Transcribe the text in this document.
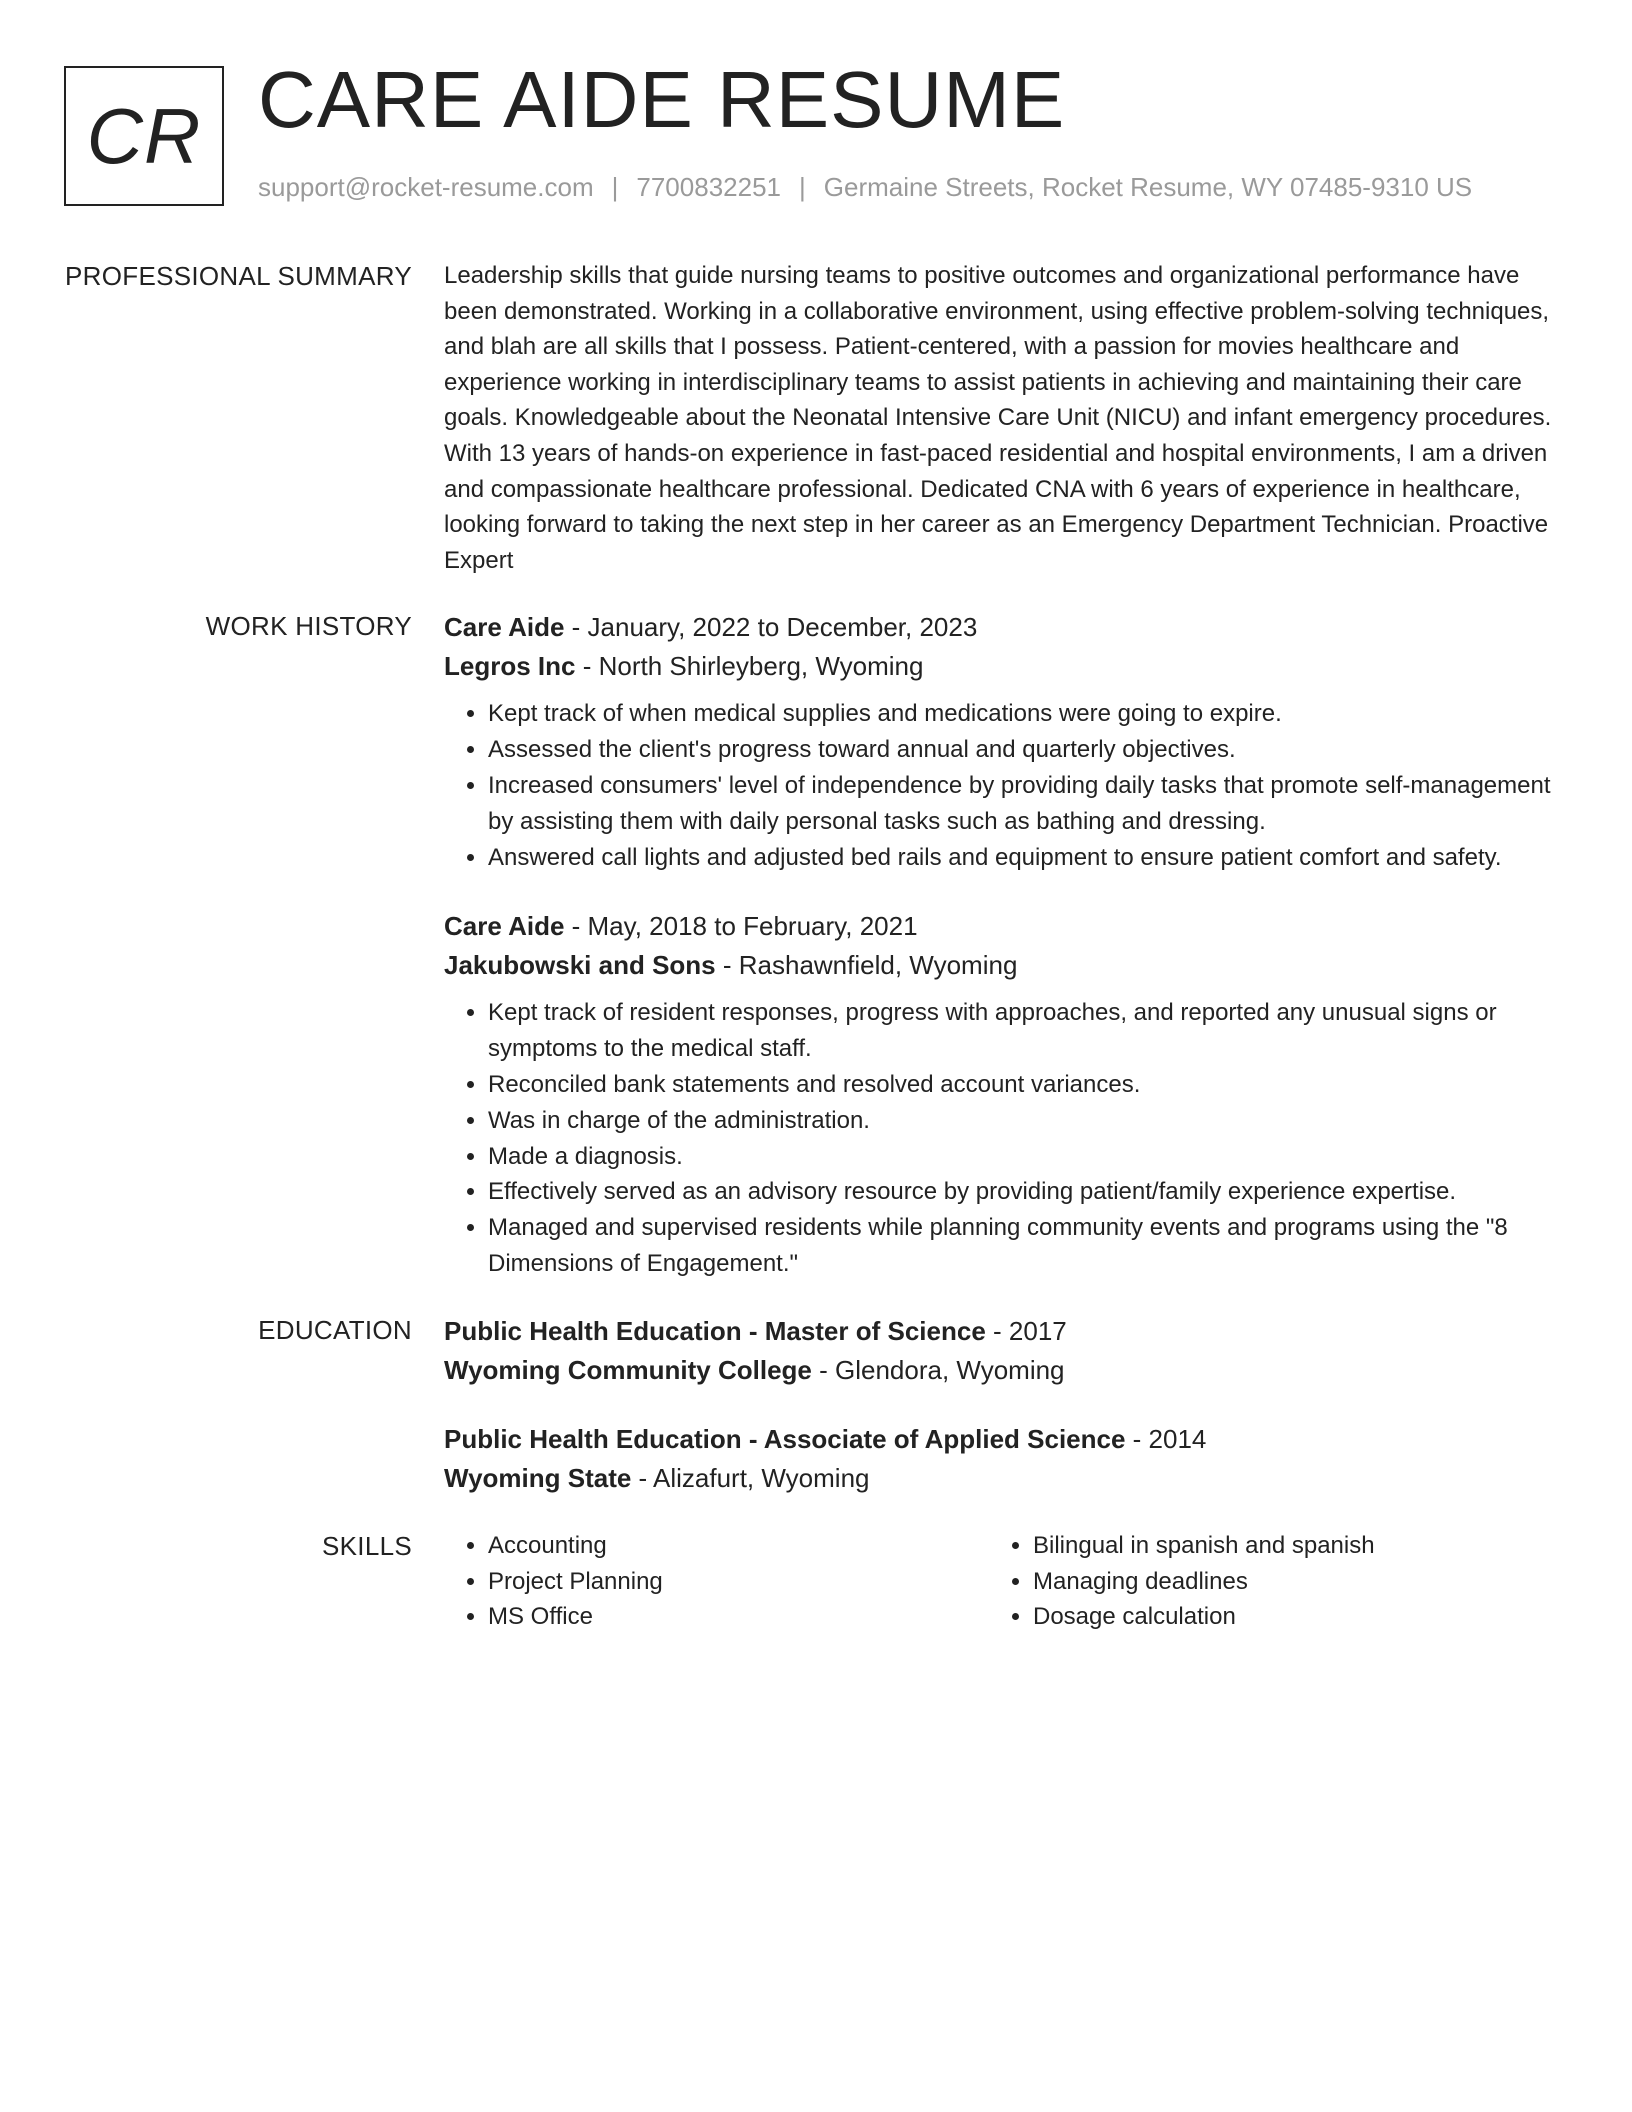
CR CARE AIDE RESUME
support@rocket-resume.com | 7700832251 | Germaine Streets, Rocket Resume, WY 07485-9310 US
PROFESSIONAL SUMMARY Leadership skills that guide nursing teams to positive outcomes and organizational performance have been demonstrated. Working in a collaborative environment, using effective problem-solving techniques, and blah are all skills that I possess. Patient-centered, with a passion for movies healthcare and experience working in interdisciplinary teams to assist patients in achieving and maintaining their care goals. Knowledgeable about the Neonatal Intensive Care Unit (NICU) and infant emergency procedures. With 13 years of hands-on experience in fast-paced residential and hospital environments, I am a driven and compassionate healthcare professional. Dedicated CNA with 6 years of experience in healthcare, looking forward to taking the next step in her career as an Emergency Department Technician. Proactive Expert

WORK HISTORY Care Aide - January, 2022 to December, 2023
Legros Inc - North Shirleyberg, Wyoming
• Kept track of when medical supplies and medications were going to expire.
• Assessed the client's progress toward annual and quarterly objectives.
• Increased consumers' level of independence by providing daily tasks that promote self-management by assisting them with daily personal tasks such as bathing and dressing.
• Answered call lights and adjusted bed rails and equipment to ensure patient comfort and safety.
Care Aide - May, 2018 to February, 2021
Jakubowski and Sons - Rashawnfield, Wyoming
• Kept track of resident responses, progress with approaches, and reported any unusual signs or symptoms to the medical staff.
• Reconciled bank statements and resolved account variances.
• Was in charge of the administration.
• Made a diagnosis.
• Effectively served as an advisory resource by providing patient/family experience expertise.
• Managed and supervised residents while planning community events and programs using the "8 Dimensions of Engagement."
EDUCATION Public Health Education - Master of Science - 2017
Wyoming Community College - Glendora, Wyoming
Public Health Education - Associate of Applied Science - 2014
Wyoming State - Alizafurt, Wyoming
SKILLS
•	Accounting
• Project Planning
• MS Office
• Bilingual in spanish and spanish
• Managing deadlines
• Dosage calculation
